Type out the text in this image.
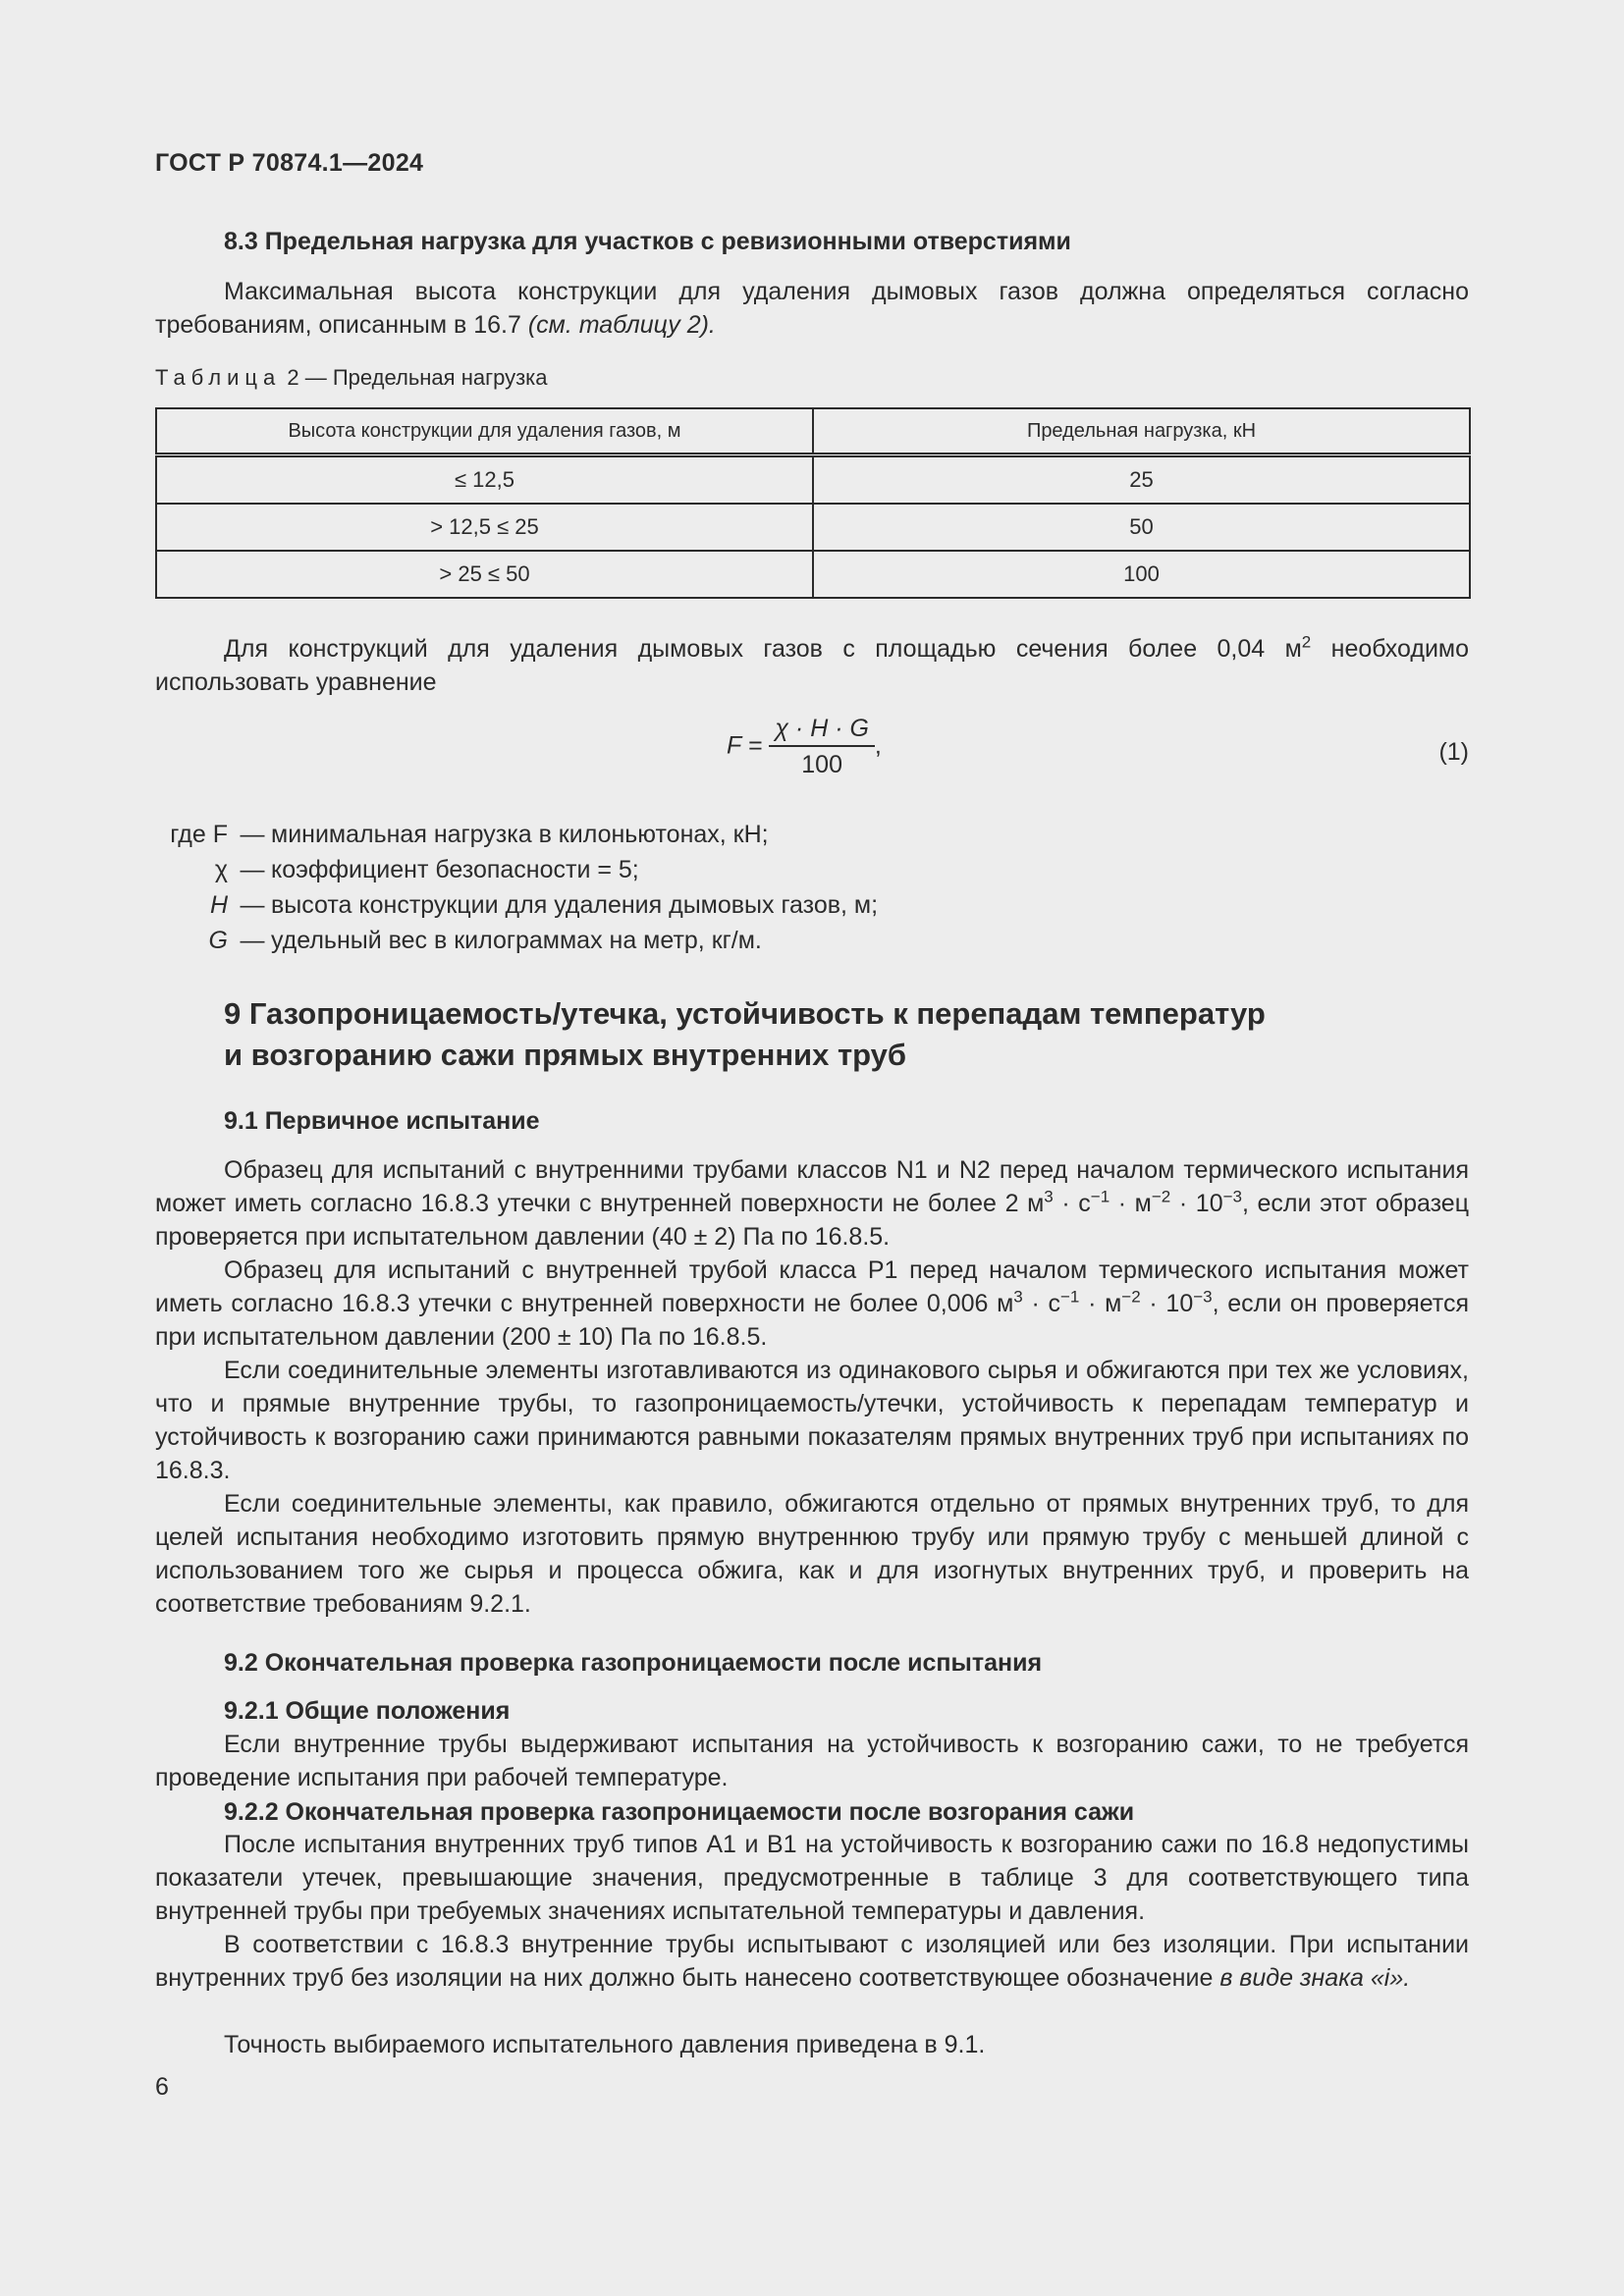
ГОСТ Р 70874.1—2024
8.3 Предельная нагрузка для участков с ревизионными отверстиями
Максимальная высота конструкции для удаления дымовых газов должна определяться согласно требованиям, описанным в 16.7 (см. таблицу 2).
Таблица 2 — Предельная нагрузка
Высота конструкции для удаления газов, м	Предельная нагрузка, кН
≤ 12,5	25
> 12,5 ≤ 25	50
> 25 ≤ 50	100
Для конструкций для удаления дымовых газов с площадью сечения более 0,04 $м^2$ необходимо использовать уравнение
$F = \frac{\chi \cdot H \cdot G}{100}$ ,	(1)
где F — минимальная нагрузка в килоньютонах, кН;
χ — коэффициент безопасности = 5;
H — высота конструкции для удаления дымовых газов, м;
G — удельный вес в килограммах на метр, кг/м.
9 Газопроницаемость/утечка, устойчивость к перепадам температур
и возгоранию сажи прямых внутренних труб
9.1 Первичное испытание
Образец для испытаний с внутренними трубами классов N1 и N2 перед началом термического испытания может иметь согласно 16.8.3 утечки с внутренней поверхности не более 2 $м^3 \cdot с^{-1} \cdot м^{-2} \cdot 10^{-3}$, если этот образец проверяется при испытательном давлении (40 ± 2) Па по 16.8.5.
Образец для испытаний с внутренней трубой класса P1 перед началом термического испытания может иметь согласно 16.8.3 утечки с внутренней поверхности не более 0,006 $м^3 \cdot с^{-1} \cdot м^{-2} \cdot 10^{-3}$, если он проверяется при испытательном давлении (200 ± 10) Па по 16.8.5.
Если соединительные элементы изготавливаются из одинакового сырья и обжигаются при тех же условиях, что и прямые внутренние трубы, то газопроницаемость/утечки, устойчивость к перепадам температур и устойчивость к возгоранию сажи принимаются равными показателям прямых внутренних труб при испытаниях по 16.8.3.
Если соединительные элементы, как правило, обжигаются отдельно от прямых внутренних труб, то для целей испытания необходимо изготовить прямую внутреннюю трубу или прямую трубу с меньшей длиной с использованием того же сырья и процесса обжига, как и для изогнутых внутренних труб, и проверить на соответствие требованиям 9.2.1.
9.2 Окончательная проверка газопроницаемости после испытания
9.2.1 Общие положения
Если внутренние трубы выдерживают испытания на устойчивость к возгоранию сажи, то не требуется проведение испытания при рабочей температуре.
9.2.2 Окончательная проверка газопроницаемости после возгорания сажи
После испытания внутренних труб типов A1 и B1 на устойчивость к возгоранию сажи по 16.8 недопустимы показатели утечек, превышающие значения, предусмотренные в таблице 3 для соответствующего типа внутренней трубы при требуемых значениях испытательной температуры и давления.
В соответствии с 16.8.3 внутренние трубы испытывают с изоляцией или без изоляции. При испытании внутренних труб без изоляции на них должно быть нанесено соответствующее обозначение в виде знака «i».
Точность выбираемого испытательного давления приведена в 9.1.
6
